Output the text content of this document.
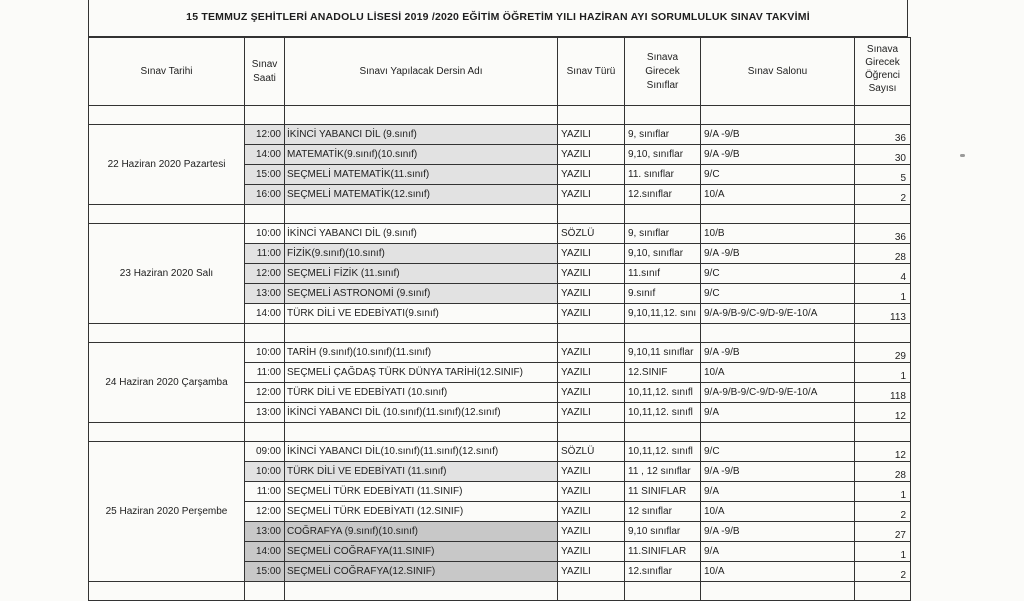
15 TEMMUZ ŞEHİTLERİ ANADOLU LİSESİ 2019 /2020 EĞİTİM ÖĞRETİM YILI HAZİRAN AYI SORUMLULUK SINAV TAKVİMİ
Sınav Tarihi	Sınav Saati	Sınavı Yapılacak Dersin Adı	Sınav Türü	Sınava Girecek Sınıflar	Sınav Salonu	Sınava Girecek Öğrenci Sayısı

22 Haziran 2020 Pazartesi	12:00	İKİNCİ YABANCI DİL (9.sınıf)	YAZILI	9, sınıflar	9/A -9/B	36
	14:00	MATEMATİK(9.sınıf)(10.sınıf)	YAZILI	9,10, sınıflar	9/A -9/B	30
	15:00	SEÇMELİ MATEMATİK(11.sınıf)	YAZILI	11. sınıflar	9/C	5
	16:00	SEÇMELİ MATEMATİK(12.sınıf)	YAZILI	12.sınıflar	10/A	2

23 Haziran 2020 Salı	10:00	İKİNCİ YABANCI DİL (9.sınıf)	SÖZLÜ	9, sınıflar	10/B	36
	11:00	FİZİK(9.sınıf)(10.sınıf)	YAZILI	9,10, sınıflar	9/A -9/B	28
	12:00	SEÇMELİ FİZİK (11.sınıf)	YAZILI	11.sınıf	9/C	4
	13:00	SEÇMELİ ASTRONOMİ (9.sınıf)	YAZILI	9.sınıf	9/C	1
	14:00	TÜRK DİLİ VE EDEBİYATI(9.sınıf)	YAZILI	9,10,11,12. sını	9/A-9/B-9/C-9/D-9/E-10/A	113

24 Haziran 2020 Çarşamba	10:00	TARİH (9.sınıf)(10.sınıf)(11.sınıf)	YAZILI	9,10,11 sınıflar	9/A -9/B	29
	11:00	SEÇMELİ ÇAĞDAŞ TÜRK DÜNYA TARİHİ(12.SINIF)	YAZILI	12.SINIF	10/A	1
	12:00	TÜRK DİLİ VE EDEBİYATI (10.sınıf)	YAZILI	10,11,12. sınıfl	9/A-9/B-9/C-9/D-9/E-10/A	118
	13:00	İKİNCİ YABANCI DİL (10.sınıf)(11.sınıf)(12.sınıf)	YAZILI	10,11,12. sınıfl	9/A	12

25 Haziran 2020 Perşembe	09:00	İKİNCİ YABANCI DİL(10.sınıf)(11.sınıf)(12.sınıf)	SÖZLÜ	10,11,12. sınıfl	9/C	12
	10:00	TÜRK DİLİ VE EDEBİYATI (11.sınıf)	YAZILI	11 , 12 sınıflar	9/A -9/B	28
	11:00	SEÇMELİ TÜRK EDEBİYATI (11.SINIF)	YAZILI	11 SINIFLAR	9/A	1
	12:00	SEÇMELİ TÜRK EDEBİYATI (12.SINIF)	YAZILI	12 sınıflar	10/A	2
	13:00	COĞRAFYA (9.sınıf)(10.sınıf)	YAZILI	9,10 sınıflar	9/A -9/B	27
	14:00	SEÇMELİ COĞRAFYA(11.SINIF)	YAZILI	11.SINIFLAR	9/A	1
	15:00	SEÇMELİ COĞRAFYA(12.SINIF)	YAZILI	12.sınıflar	10/A	2
